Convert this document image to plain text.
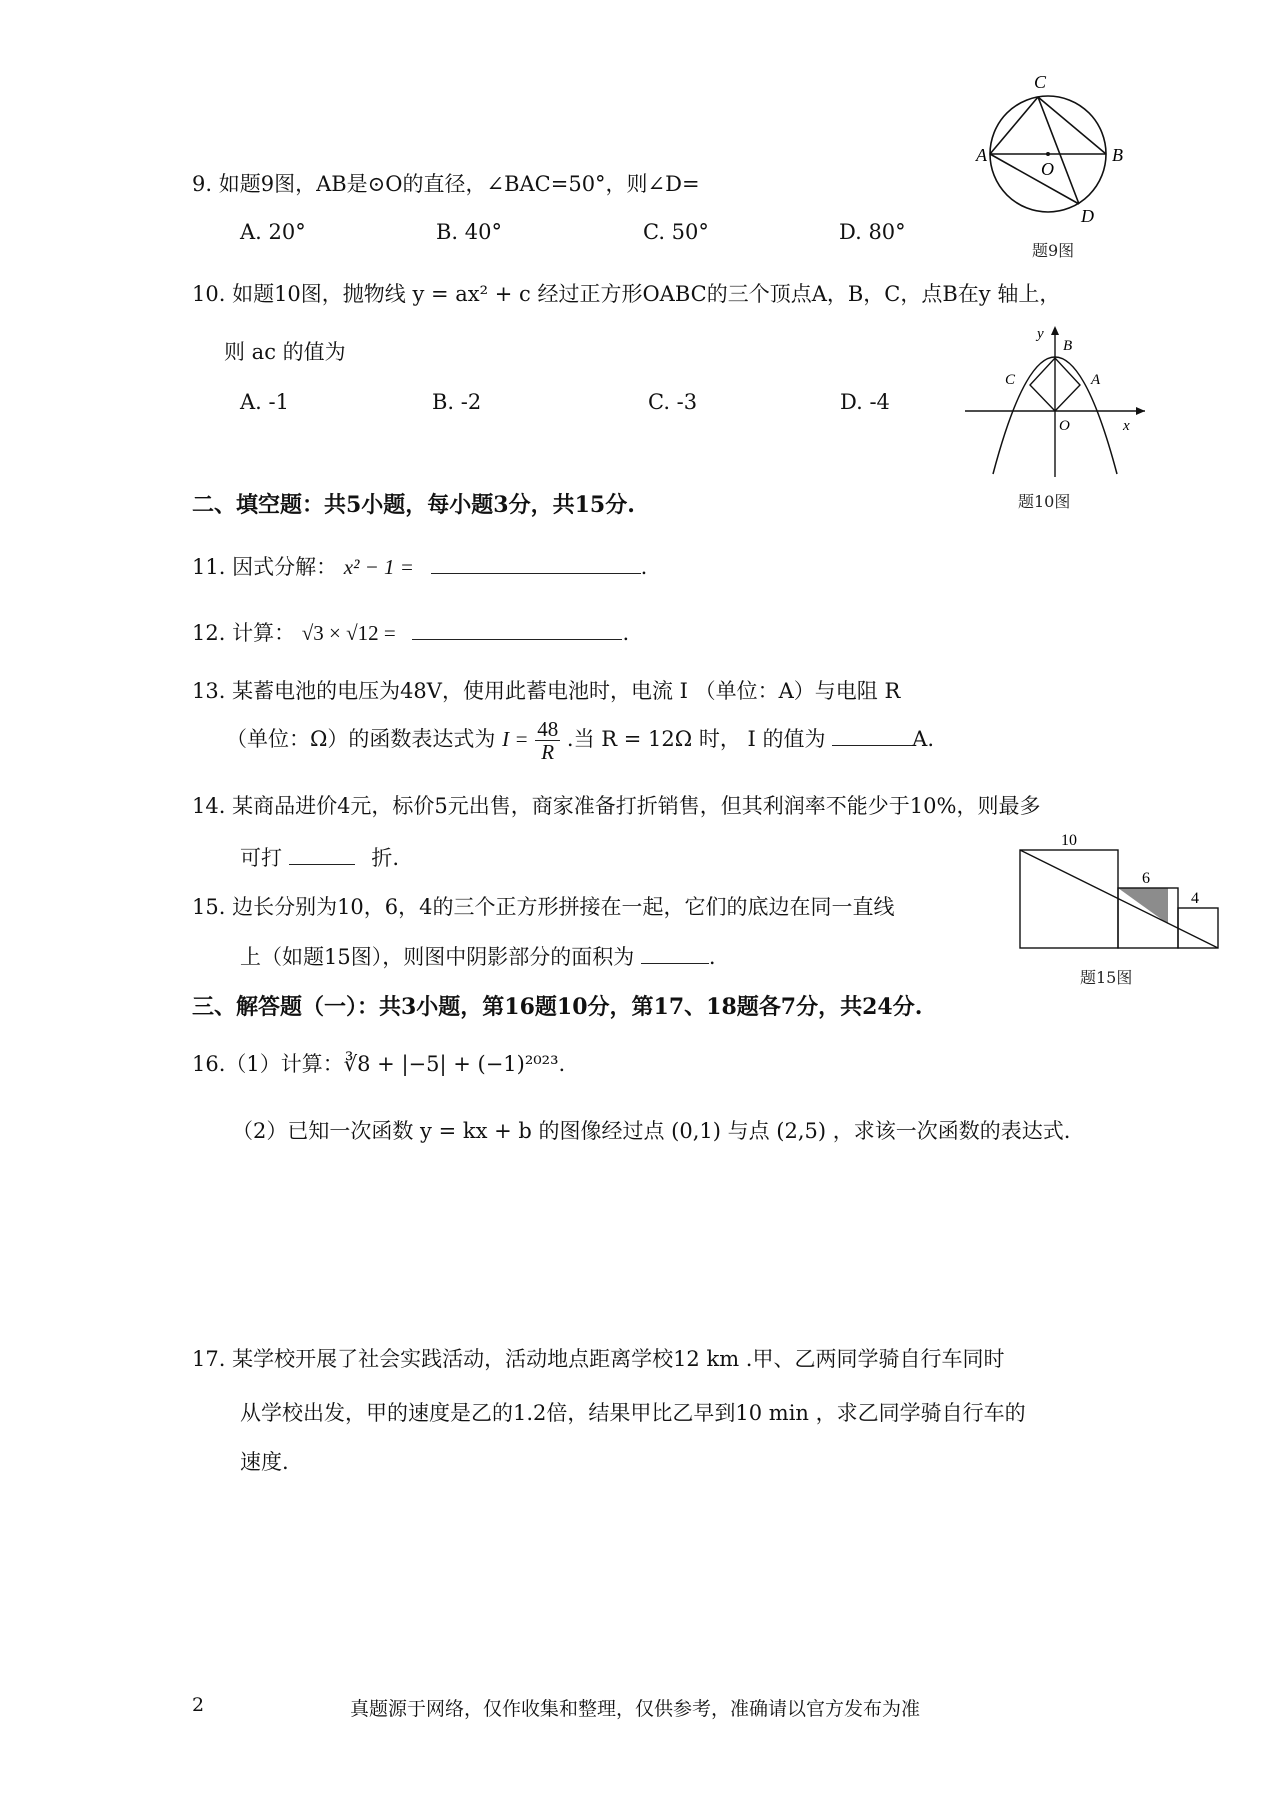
9. 如题9图，AB是⊙O的直径，∠BAC=50°，则∠D=
A. 20°	B. 40°	C. 50°	D. 80°
C
A	B
O
D
题9图
10. 如题10图，抛物线 y = ax² + c 经过正方形OABC的三个顶点A，B，C，点B在y 轴上，
则 ac 的值为
A. -1	B. -2	C. -3	D. -4
y
B
C	A
O	x
题10图
二、填空题：共5小题，每小题3分，共15分.
11. 因式分解： x² − 1 =	.
12. 计算： √3 × √12 =	.
13. 某蓄电池的电压为48V，使用此蓄电池时，电流 I （单位：A）与电阻 R
（单位：Ω）的函数表达式为 $I = \frac{48}{R}$ .当 R = 12Ω 时， I 的值为	A.
14. 某商品进价4元，标价5元出售，商家准备打折销售，但其利润率不能少于10%，则最多
可打	折.
15. 边长分别为10，6，4的三个正方形拼接在一起，它们的底边在同一直线
上（如题15图），则图中阴影部分的面积为	.
10
6
4
题15图
三、解答题（一）：共3小题，第16题10分，第17、18题各7分，共24分.
16.（1）计算：∛8 + |−5| + (−1)²⁰²³.
（2）已知一次函数 y = kx + b 的图像经过点 (0,1) 与点 (2,5) ，求该一次函数的表达式.
17. 某学校开展了社会实践活动，活动地点距离学校12 km .甲、乙两同学骑自行车同时
从学校出发，甲的速度是乙的1.2倍，结果甲比乙早到10 min ，求乙同学骑自行车的
速度.
2	真题源于网络，仅作收集和整理，仅供参考，准确请以官方发布为准
